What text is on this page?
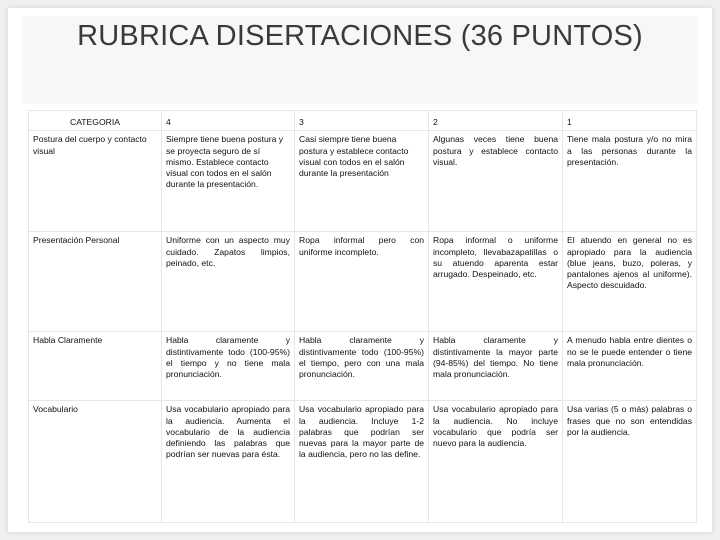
RUBRICA DISERTACIONES (36 PUNTOS)
CATEGORIA	4	3	2	1
Postura del cuerpo y contacto visual	Siempre tiene buena postura y se proyecta seguro de sí mismo. Establece contacto visual con todos en el salón durante la presentación.	Casi siempre tiene buena postura y establece contacto visual con todos en el salón durante la presentación	Algunas veces tiene buena postura y establece contacto visual.	Tiene mala postura y/o no mira a las personas durante la presentación.
Presentación Personal	Uniforme con un aspecto muy cuidado. Zapatos limpios, peinado, etc.	Ropa informal pero con uniforme incompleto.	Ropa informal o uniforme incompleto, llevabazapatillas o su atuendo aparenta estar arrugado. Despeinado, etc.	El atuendo en general no es apropiado para la audiencia (blue jeans, buzo, poleras, y pantalones ajenos al uniforme). Aspecto descuidado.
Habla Claramente	Habla claramente y distintivamente todo (100-95%) el tiempo y no tiene mala pronunciación.	Habla claramente y distintivamente todo (100-95%) el tiempo, pero con una mala pronunciación.	Habla claramente y distintivamente la mayor parte (94-85%) del tiempo. No tiene mala pronunciación.	A menudo habla entre dientes o no se le puede entender o tiene mala pronunciación.
Vocabulario	Usa vocabulario apropiado para la audiencia. Aumenta el vocabulario de la audiencia definiendo las palabras que podrían ser nuevas para ésta.	Usa vocabulario apropiado para la audiencia. Incluye 1-2 palabras que podrían ser nuevas para la mayor parte de la audiencia, pero no las define.	Usa vocabulario apropiado para la audiencia. No incluye vocabulario que podría ser nuevo para la audiencia.	Usa varias (5 o más) palabras o frases que no son entendidas por la audiencia.
